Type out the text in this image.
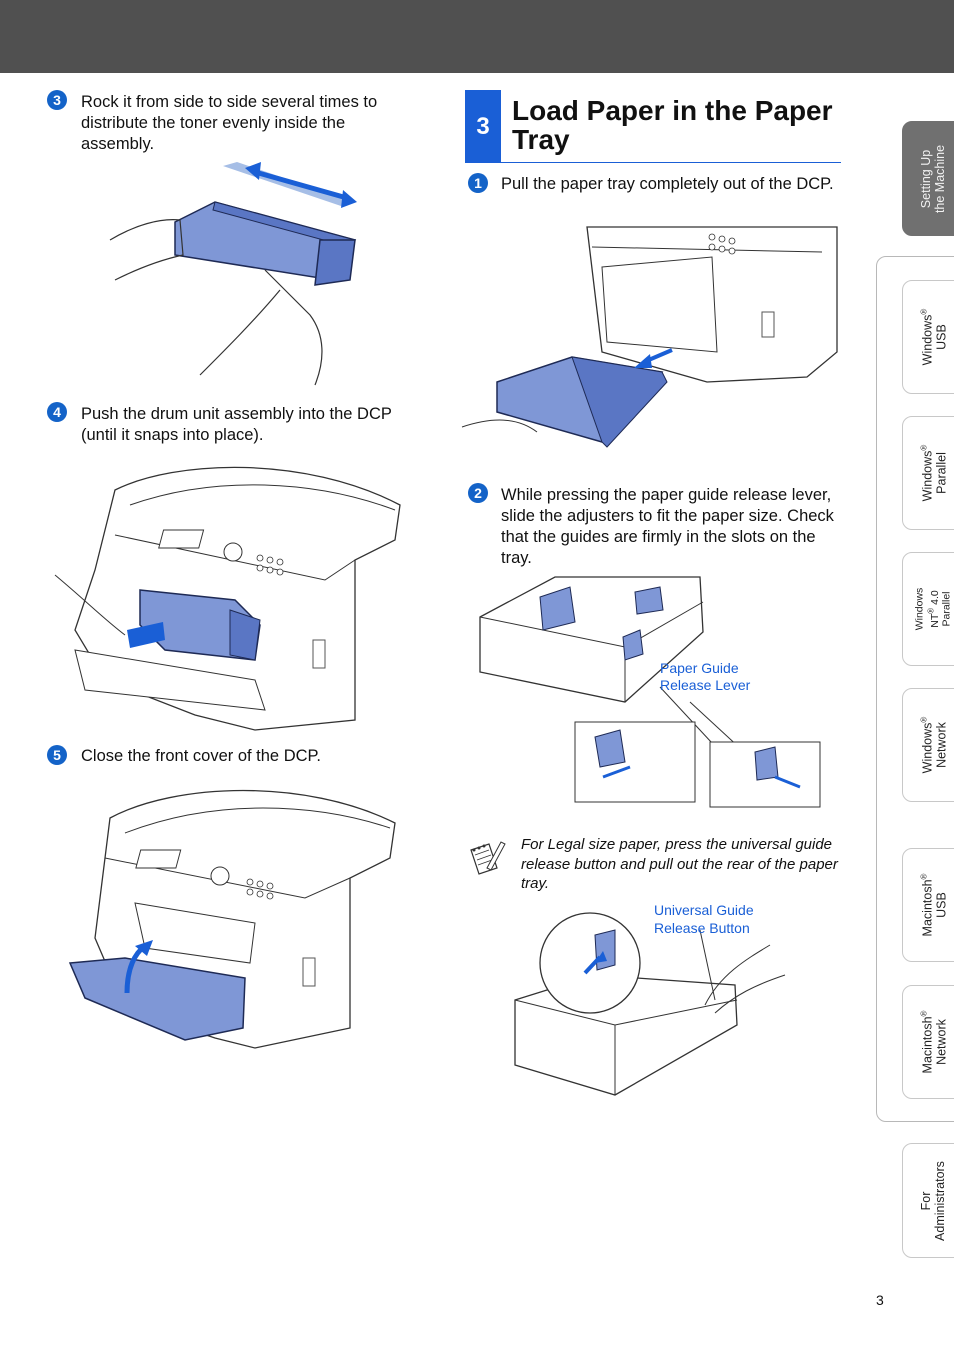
3	Rock it from side to side several times to distribute the toner evenly inside the assembly.
4	Push the drum unit assembly into the DCP (until it snaps into place).
5	Close the front cover of the DCP.
3 Load Paper in the Paper Tray
1	Pull the paper tray completely out of the DCP.
2	While pressing the paper guide release lever, slide the adjusters to fit the paper size. Check that the guides are firmly in the slots on the tray.
Paper Guide
Release Lever
For Legal size paper, press the universal guide release button and pull out the rear of the paper tray.
Universal Guide
Release Button
Setting Up the Machine
Windows®
USB
Windows®
Parallel
Windows NT® 4.0 Parallel
Windows®
Network
Macintosh®
USB
Macintosh®
Network
For Administrators
3
